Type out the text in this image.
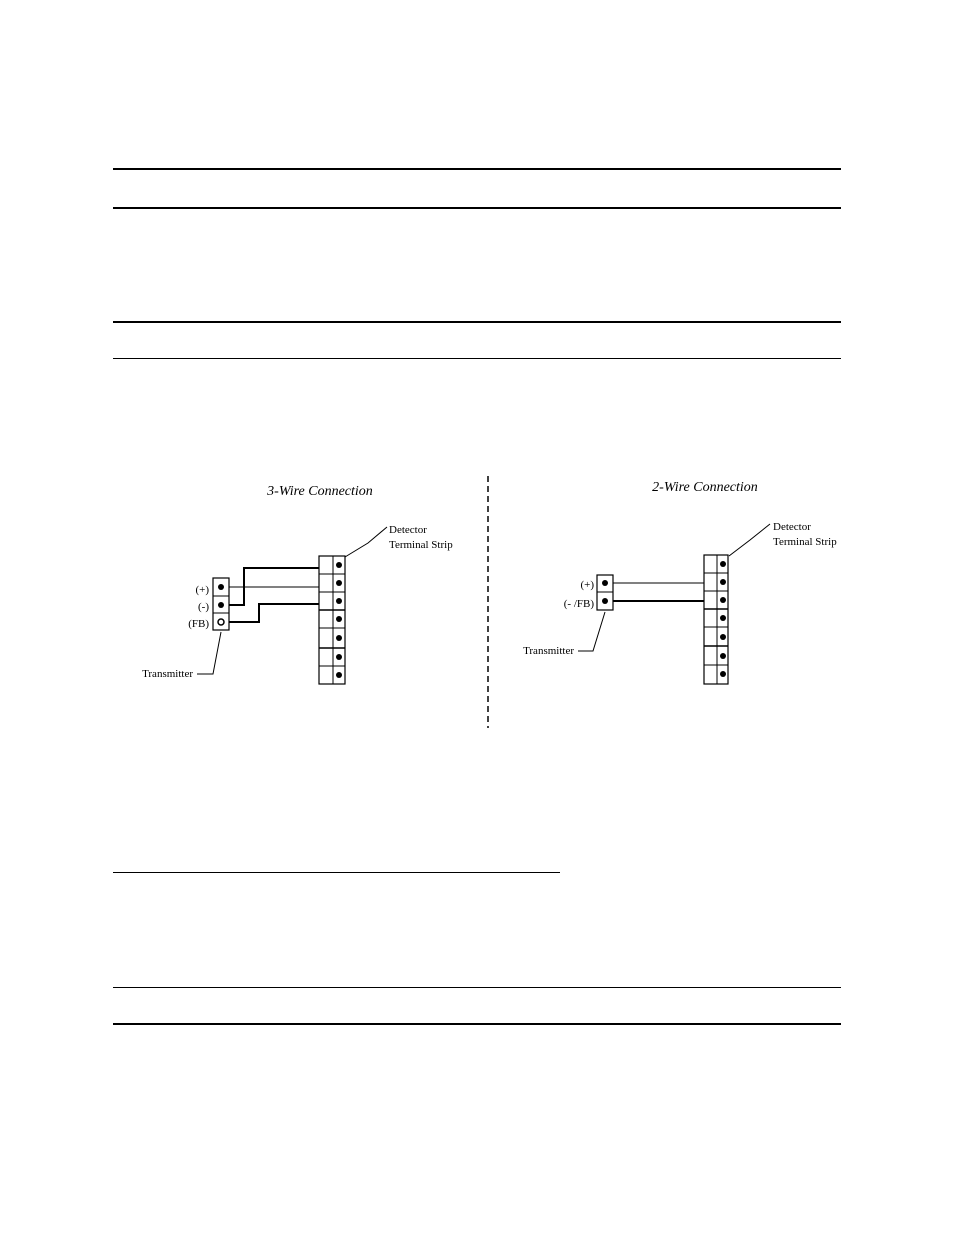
3-Wire Connection
Detector
Terminal Strip
(+)
(-)
(FB)
Transmitter
2-Wire Connection
Detector
Terminal Strip
(+)
(- /FB)
Transmitter
